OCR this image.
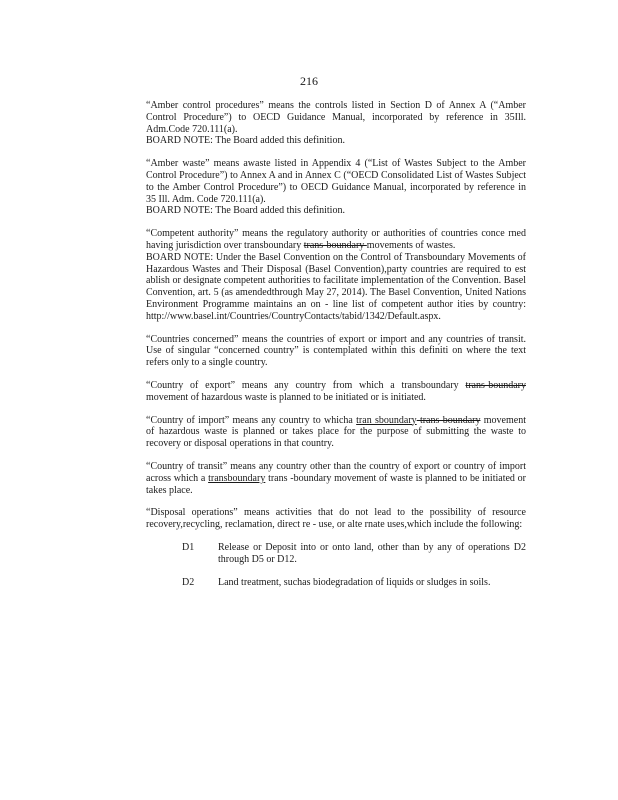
216

“Amber control procedures” means the controls listed in Section D of Annex A (“Amber Control Procedure”) to OECD Guidance Manual, incorporated by reference in 35Ill. Adm.Code 720.111(a).

BOARD NOTE: The Board added this definition.

“Amber waste” means awaste listed in Appendix 4 (“List of Wastes Subject to the Amber Control Procedure”) to Annex A and in Annex C (“OECD Consolidated List of Wastes Subject to the Amber Control Procedure”) to OECD Guidance Manual, incorporated by reference in 35 Ill. Adm. Code 720.111(a).

BOARD NOTE: The Board added this definition.

“Competent authority” means the regulatory authority or authorities of countries conce rned having jurisdiction over transboundary trans-boundary movements of wastes.

BOARD NOTE: Under the Basel Convention on the Control of Transboundary Movements of Hazardous Wastes and Their Disposal (Basel Convention),party countries are required to est ablish or designate competent authorities to facilitate implementation of the Convention. Basel Convention, art. 5 (as amendedthrough May 27, 2014). The Basel Convention, United Nations Environment Programme maintains an on - line list of competent author ities by country: http://www.basel.int/Countries/CountryContacts/tabid/1342/Default.aspx.

“Countries concerned” means the countries of export or import and any countries of transit. Use of singular “concerned country” is contemplated within this definiti on where the text refers only to a single country.

“Country of export” means any country from which a transboundary trans-boundary movement of hazardous waste is planned to be initiated or is initiated.

“Country of import” means any country to whicha tran sboundary trans-boundary movement of hazardous waste is planned or takes place for the purpose of submitting the waste to recovery or disposal operations in that country.

“Country of transit” means any country other than the country of export or country of import across which a transboundary trans -boundary movement of waste is planned to be initiated or takes place.

“Disposal operations” means activities that do not lead to the possibility of resource recovery,recycling, reclamation, direct re - use, or alte rnate uses,which include the following:

D1	Release or Deposit into or onto land, other than by any of operations D2 through D5 or D12.
D2	Land treatment, suchas biodegradation of liquids or sludges in soils.
